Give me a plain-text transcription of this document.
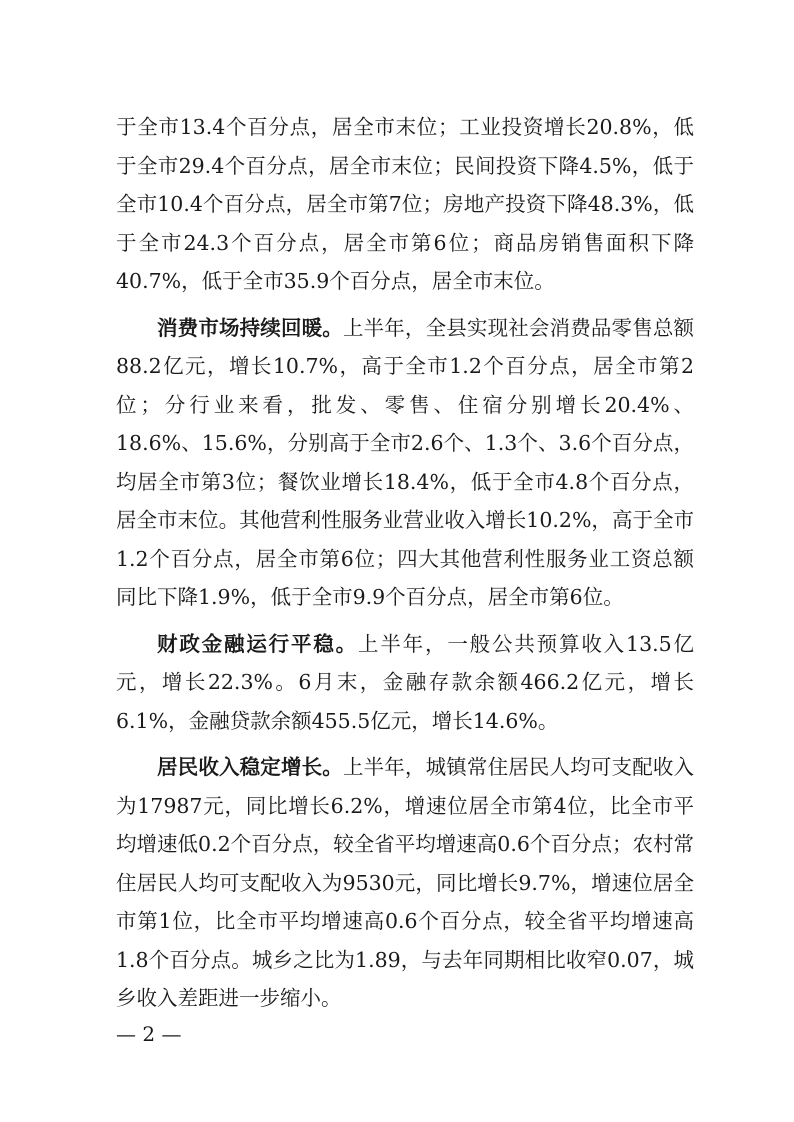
于全市13.4个百分点，居全市末位；工业投资增长20.8%，低于全市29.4个百分点，居全市末位；民间投资下降4.5%，低于全市10.4个百分点，居全市第7位；房地产投资下降48.3%，低于全市24.3个百分点，居全市第6位；商品房销售面积下降40.7%，低于全市35.9个百分点，居全市末位。

消费市场持续回暖。上半年，全县实现社会消费品零售总额88.2亿元，增长10.7%，高于全市1.2个百分点，居全市第2位；分行业来看，批发、零售、住宿分别增长20.4%、18.6%、15.6%，分别高于全市2.6个、1.3个、3.6个百分点，均居全市第3位；餐饮业增长18.4%，低于全市4.8个百分点，居全市末位。其他营利性服务业营业收入增长10.2%，高于全市1.2个百分点，居全市第6位；四大其他营利性服务业工资总额同比下降1.9%，低于全市9.9个百分点，居全市第6位。

财政金融运行平稳。上半年，一般公共预算收入13.5亿元，增长22.3%。6月末，金融存款余额466.2亿元，增长6.1%，金融贷款余额455.5亿元，增长14.6%。

居民收入稳定增长。上半年，城镇常住居民人均可支配收入为17987元，同比增长6.2%，增速位居全市第4位，比全市平均增速低0.2个百分点，较全省平均增速高0.6个百分点；农村常住居民人均可支配收入为9530元，同比增长9.7%，增速位居全市第1位，比全市平均增速高0.6个百分点，较全省平均增速高1.8个百分点。城乡之比为1.89，与去年同期相比收窄0.07，城乡收入差距进一步缩小。

— 2 —
